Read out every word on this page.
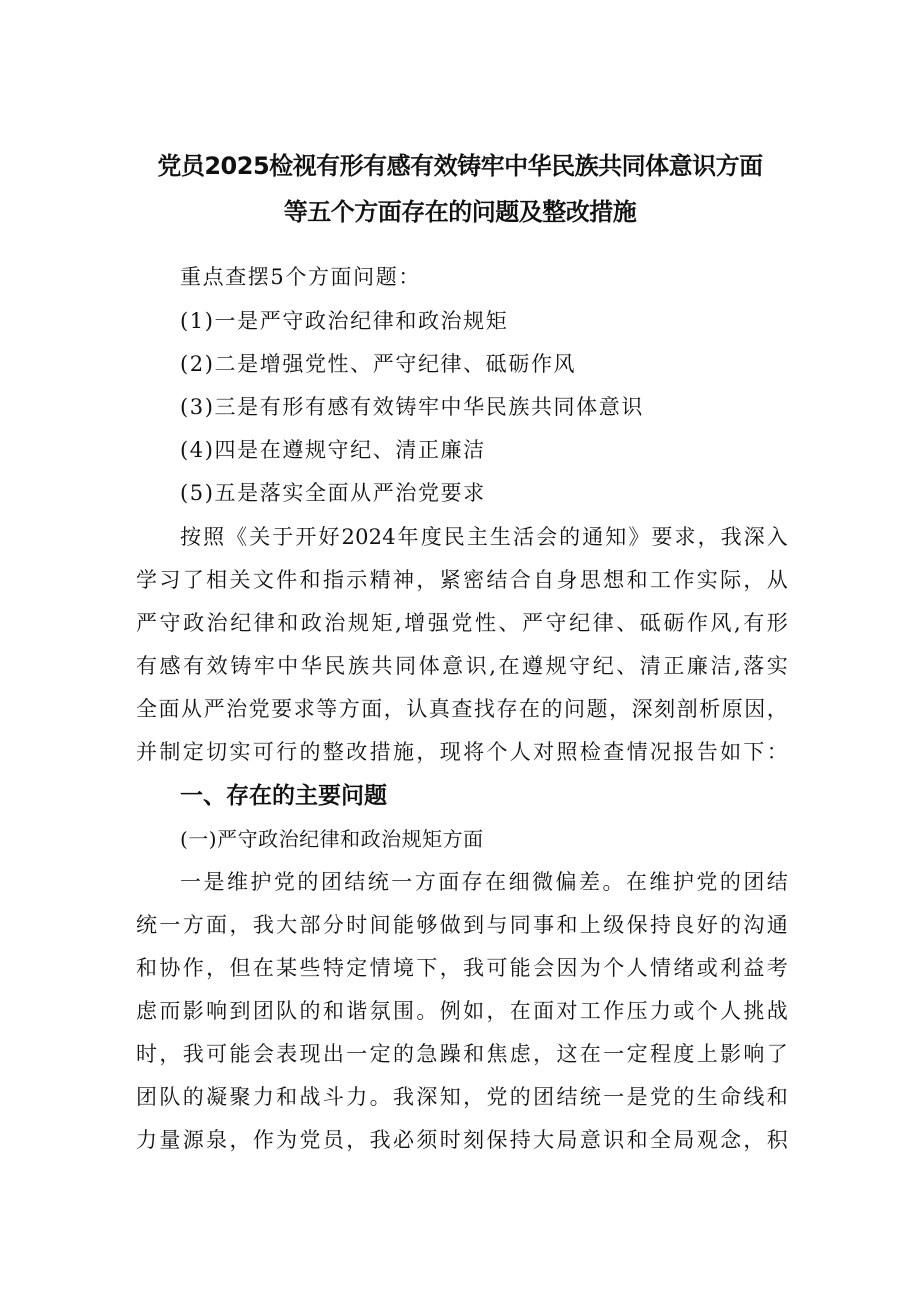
党员2025检视有形有感有效铸牢中华民族共同体意识方面
等五个方面存在的问题及整改措施
重点查摆5个方面问题：
(1)一是严守政治纪律和政治规矩
(2)二是增强党性、严守纪律、砥砺作风
(3)三是有形有感有效铸牢中华民族共同体意识
(4)四是在遵规守纪、清正廉洁
(5)五是落实全面从严治党要求
按照《关于开好2024年度民主生活会的通知》要求，我深入
学习了相关文件和指示精神，紧密结合自身思想和工作实际，从
严守政治纪律和政治规矩,增强党性、严守纪律、砥砺作风,有形
有感有效铸牢中华民族共同体意识,在遵规守纪、清正廉洁,落实
全面从严治党要求等方面，认真查找存在的问题，深刻剖析原因，
并制定切实可行的整改措施，现将个人对照检查情况报告如下：
一、存在的主要问题
(一)严守政治纪律和政治规矩方面
一是维护党的团结统一方面存在细微偏差。在维护党的团结
统一方面，我大部分时间能够做到与同事和上级保持良好的沟通
和协作，但在某些特定情境下，我可能会因为个人情绪或利益考
虑而影响到团队的和谐氛围。例如，在面对工作压力或个人挑战
时，我可能会表现出一定的急躁和焦虑，这在一定程度上影响了
团队的凝聚力和战斗力。我深知，党的团结统一是党的生命线和
力量源泉，作为党员，我必须时刻保持大局意识和全局观念，积
